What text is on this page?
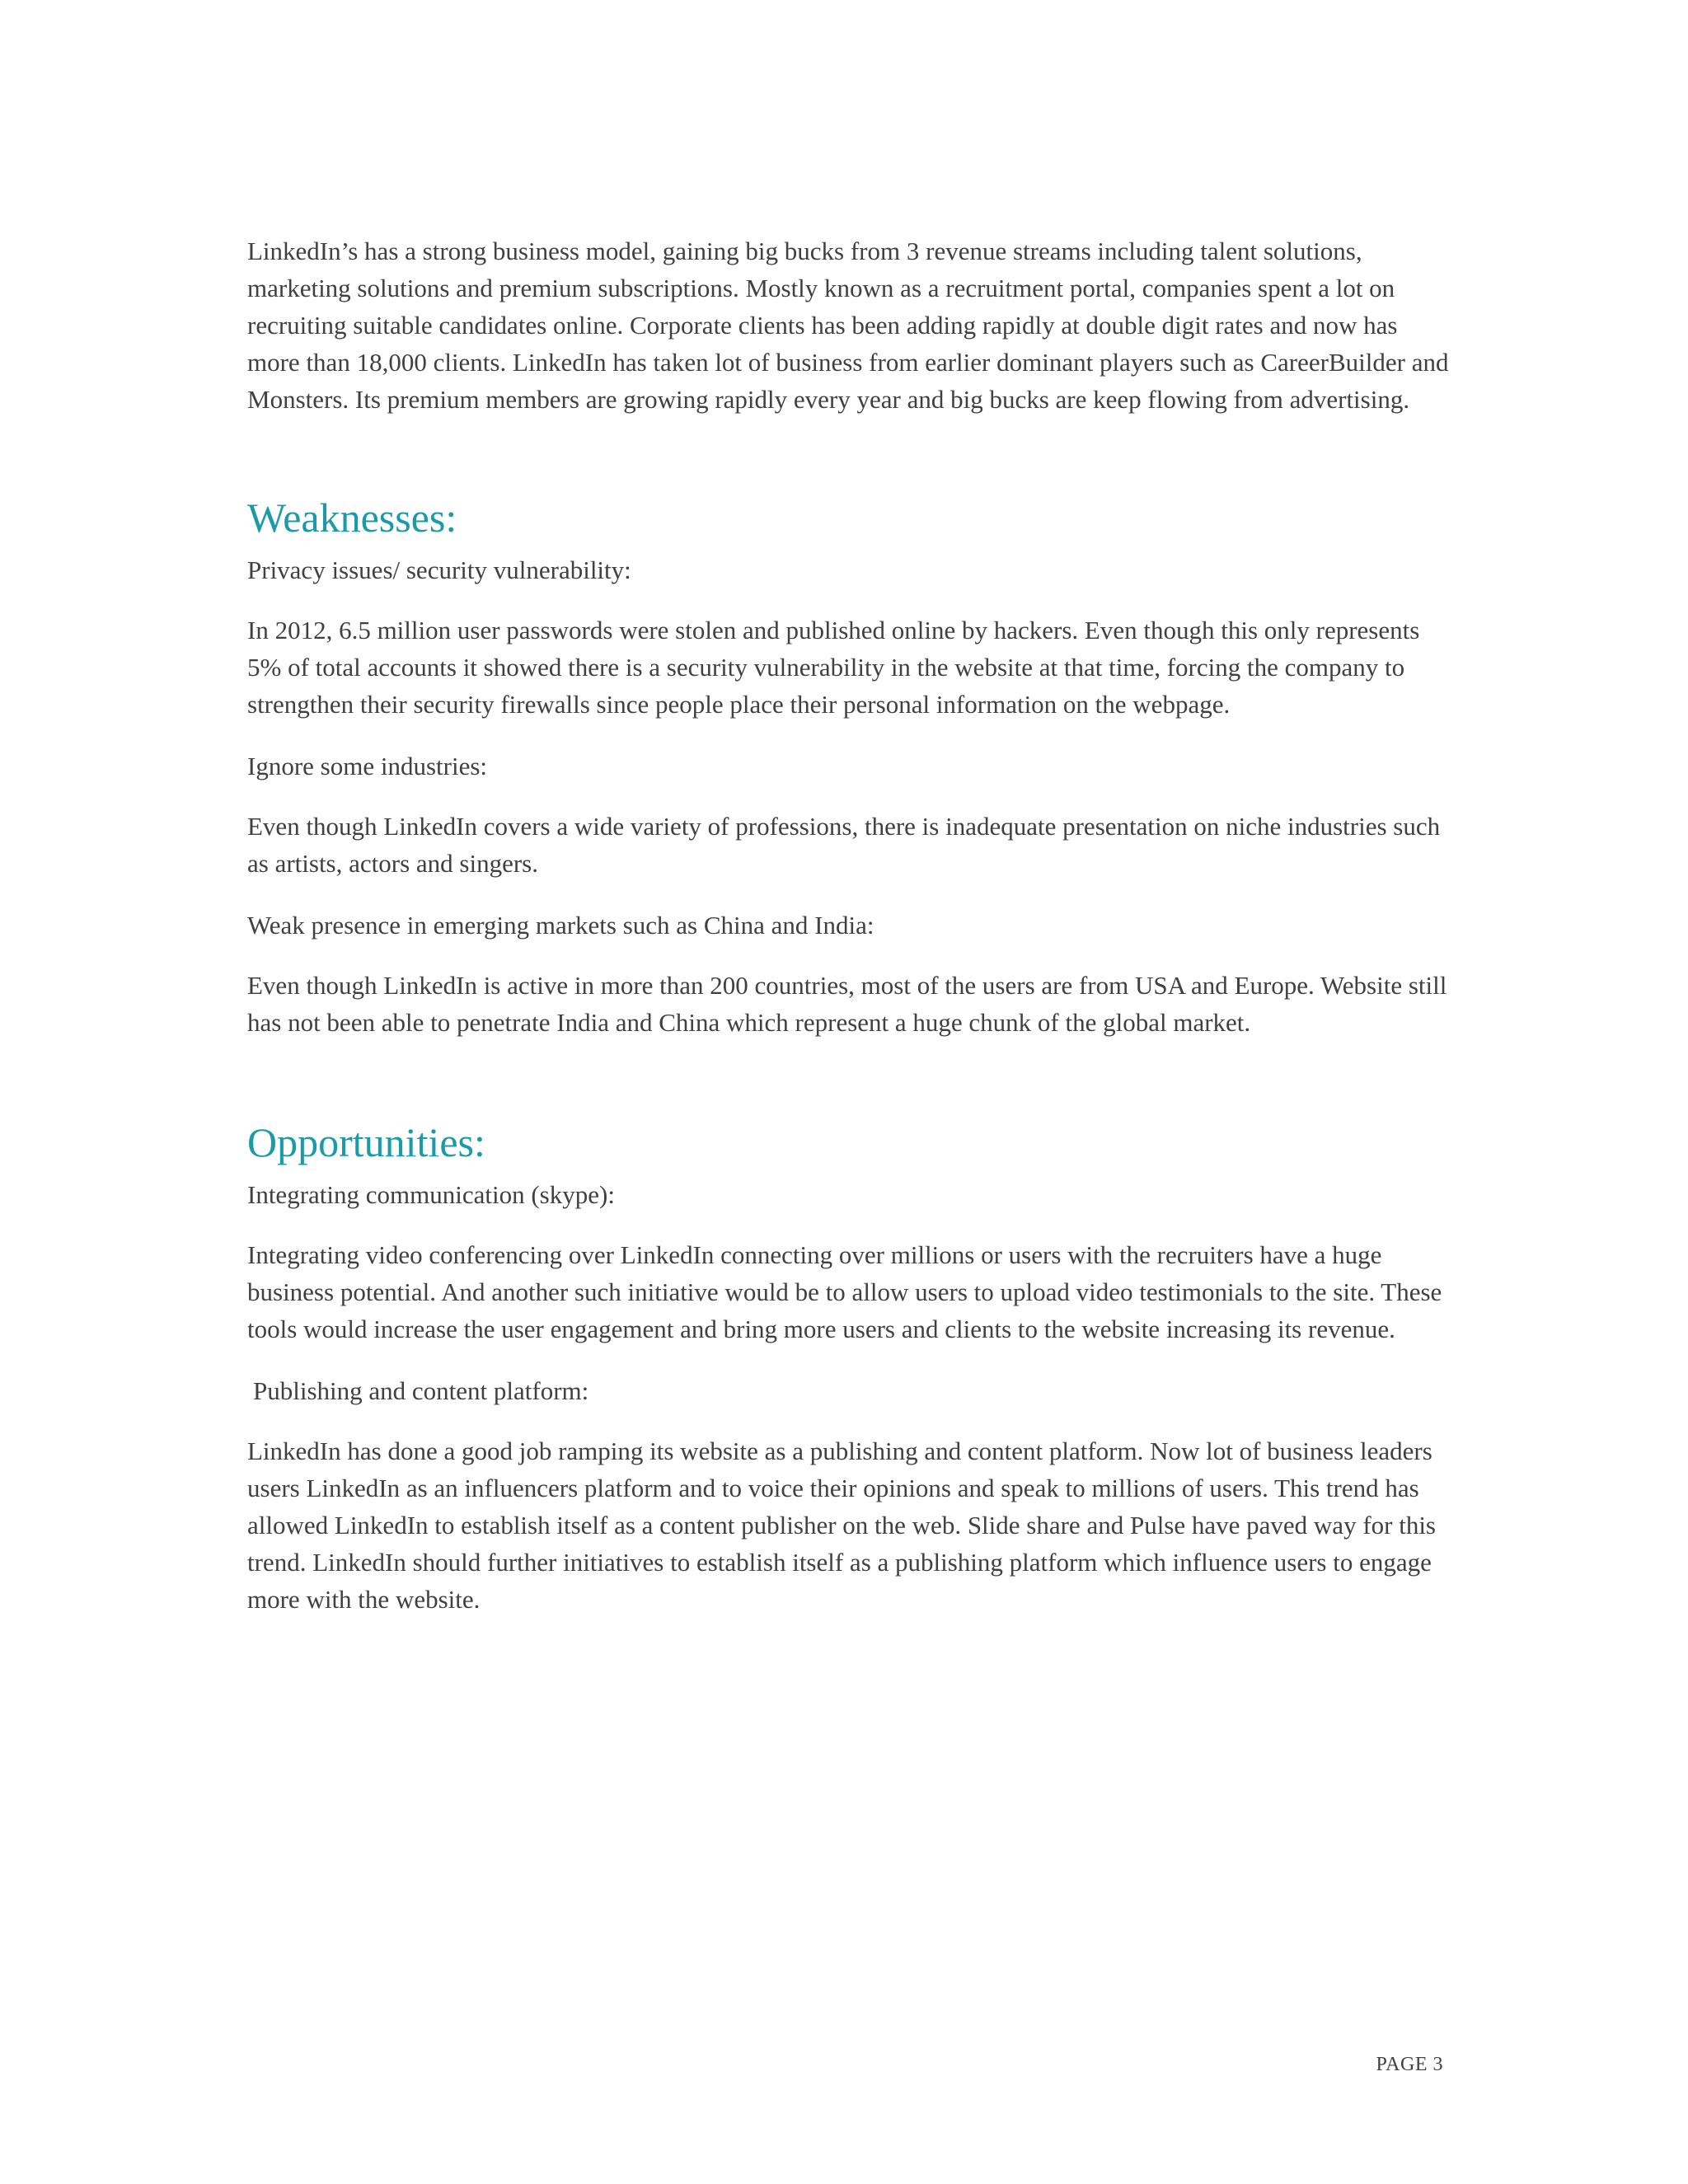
LinkedIn’s has a strong business model, gaining big bucks from 3 revenue streams including talent solutions, marketing solutions and premium subscriptions. Mostly known as a recruitment portal, companies spent a lot on recruiting suitable candidates online. Corporate clients has been adding rapidly at double digit rates and now has more than 18,000 clients. LinkedIn has taken lot of business from earlier dominant players such as CareerBuilder and Monsters. Its premium members are growing rapidly every year and big bucks are keep flowing from advertising.

Weaknesses:

Privacy issues/ security vulnerability:

In 2012, 6.5 million user passwords were stolen and published online by hackers. Even though this only represents 5% of total accounts it showed there is a security vulnerability in the website at that time, forcing the company to strengthen their security firewalls since people place their personal information on the webpage.

Ignore some industries:

Even though LinkedIn covers a wide variety of professions, there is inadequate presentation on niche industries such as artists, actors and singers.

Weak presence in emerging markets such as China and India:

Even though LinkedIn is active in more than 200 countries, most of the users are from USA and Europe. Website still has not been able to penetrate India and China which represent a huge chunk of the global market.

Opportunities:

Integrating communication (skype):

Integrating video conferencing over LinkedIn connecting over millions or users with the recruiters have a huge business potential. And another such initiative would be to allow users to upload video testimonials to the site. These tools would increase the user engagement and bring more users and clients to the website increasing its revenue.

Publishing and content platform:

LinkedIn has done a good job ramping its website as a publishing and content platform. Now lot of business leaders users LinkedIn as an influencers platform and to voice their opinions and speak to millions of users. This trend has allowed LinkedIn to establish itself as a content publisher on the web. Slide share and Pulse have paved way for this trend. LinkedIn should further initiatives to establish itself as a publishing platform which influence users to engage more with the website.

PAGE 3
